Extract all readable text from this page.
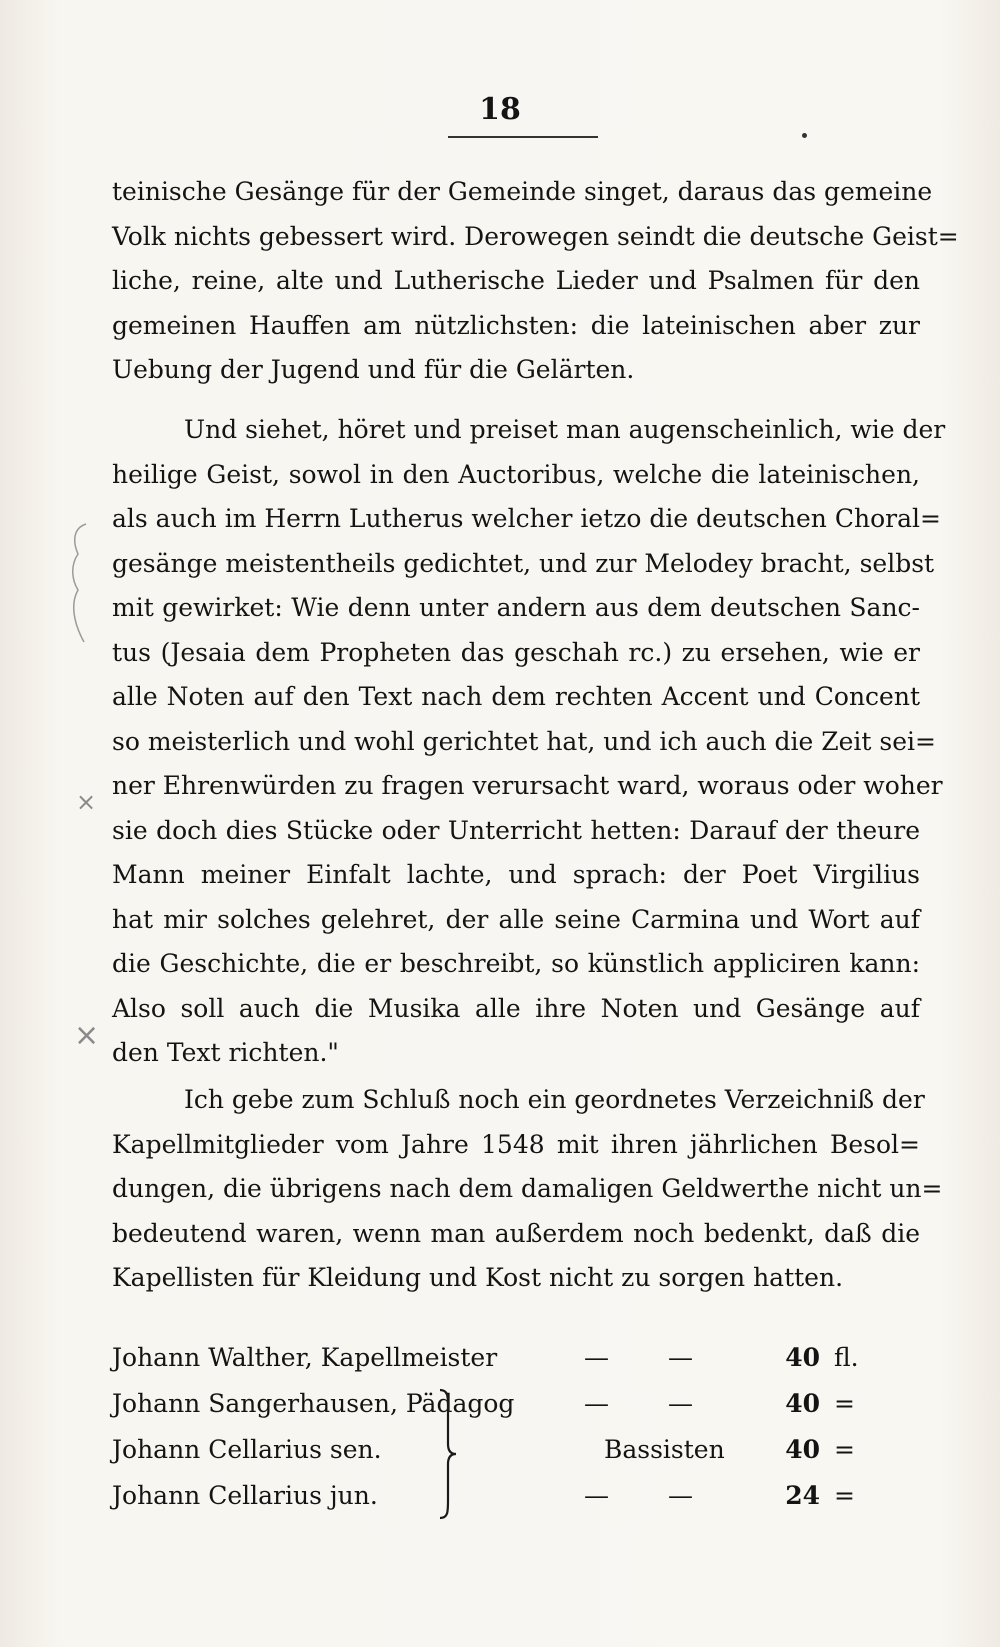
18
teinische Gesänge für der Gemeinde singet, daraus das gemeine
Volk nichts gebessert wird. Derowegen seindt die deutsche Geist=
liche, reine, alte und Lutherische Lieder und Psalmen für den
gemeinen Hauffen am nützlichsten: die lateinischen aber zur
Uebung der Jugend und für die Gelärten.
Und siehet, höret und preiset man augenscheinlich, wie der
heilige Geist, sowol in den Auctoribus, welche die lateinischen,
als auch im Herrn Lutherus welcher ietzo die deutschen Choral=
gesänge meistentheils gedichtet, und zur Melodey bracht, selbst
mit gewirket: Wie denn unter andern aus dem deutschen Sanc-
tus (Jesaia dem Propheten das geschah rc.) zu ersehen, wie er
alle Noten auf den Text nach dem rechten Accent und Concent
so meisterlich und wohl gerichtet hat, und ich auch die Zeit sei=
ner Ehrenwürden zu fragen verursacht ward, woraus oder woher
sie doch dies Stücke oder Unterricht hetten: Darauf der theure
Mann meiner Einfalt lachte, und sprach: der Poet Virgilius
hat mir solches gelehret, der alle seine Carmina und Wort auf
die Geschichte, die er beschreibt, so künstlich appliciren kann:
Also soll auch die Musika alle ihre Noten und Gesänge auf
den Text richten."
Ich gebe zum Schluß noch ein geordnetes Verzeichniß der
Kapellmitglieder vom Jahre 1548 mit ihren jährlichen Besol=
dungen, die übrigens nach dem damaligen Geldwerthe nicht un=
bedeutend waren, wenn man außerdem noch bedenkt, daß die
Kapellisten für Kleidung und Kost nicht zu sorgen hatten.
Johann Walther, Kapellmeister	— —	40 fl.
Johann Sangerhausen, Pädagog	— —	40 =
Johann Cellarius sen.	Bassisten	40 =
Johann Cellarius jun.	— —	24 =
×
×
